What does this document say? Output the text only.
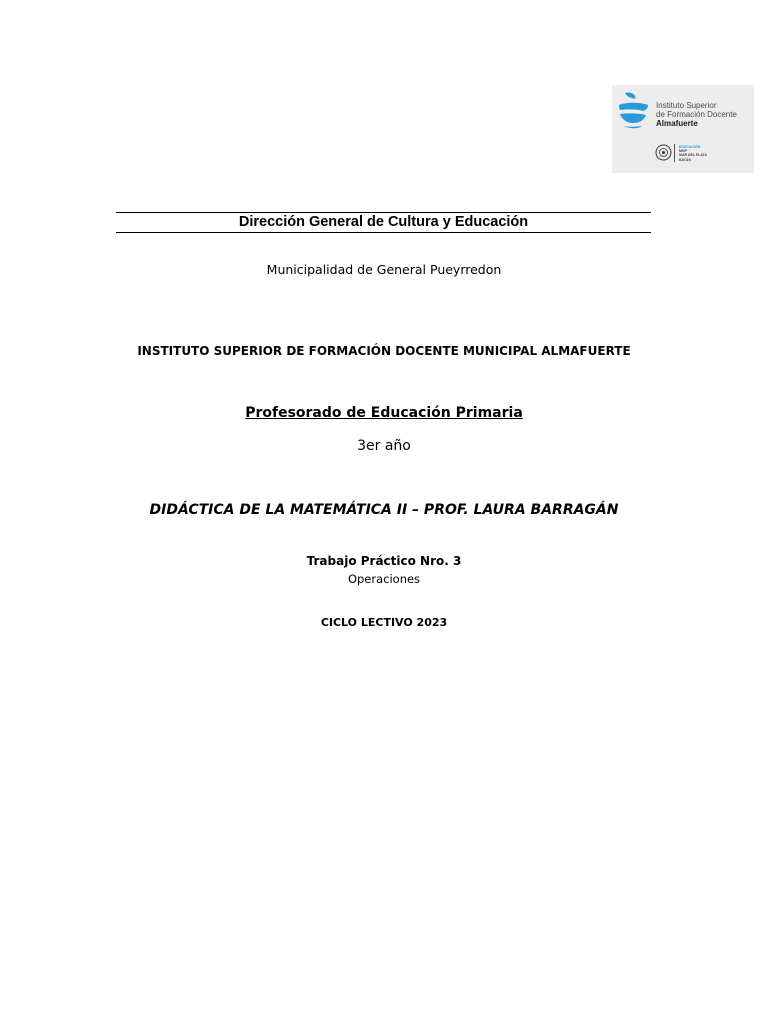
Instituto Superior
de Formación Docente
Almafuerte
EDUCACIÓN
MGP
MAR DEL PLATA
BATÁN
Dirección General de Cultura y Educación
Municipalidad de General Pueyrredon
INSTITUTO SUPERIOR DE FORMACIÓN DOCENTE MUNICIPAL ALMAFUERTE
Profesorado de Educación Primaria
3er año
DIDÁCTICA DE LA MATEMÁTICA II – PROF. LAURA BARRAGÁN
Trabajo Práctico Nro. 3
Operaciones
CICLO LECTIVO 2023
